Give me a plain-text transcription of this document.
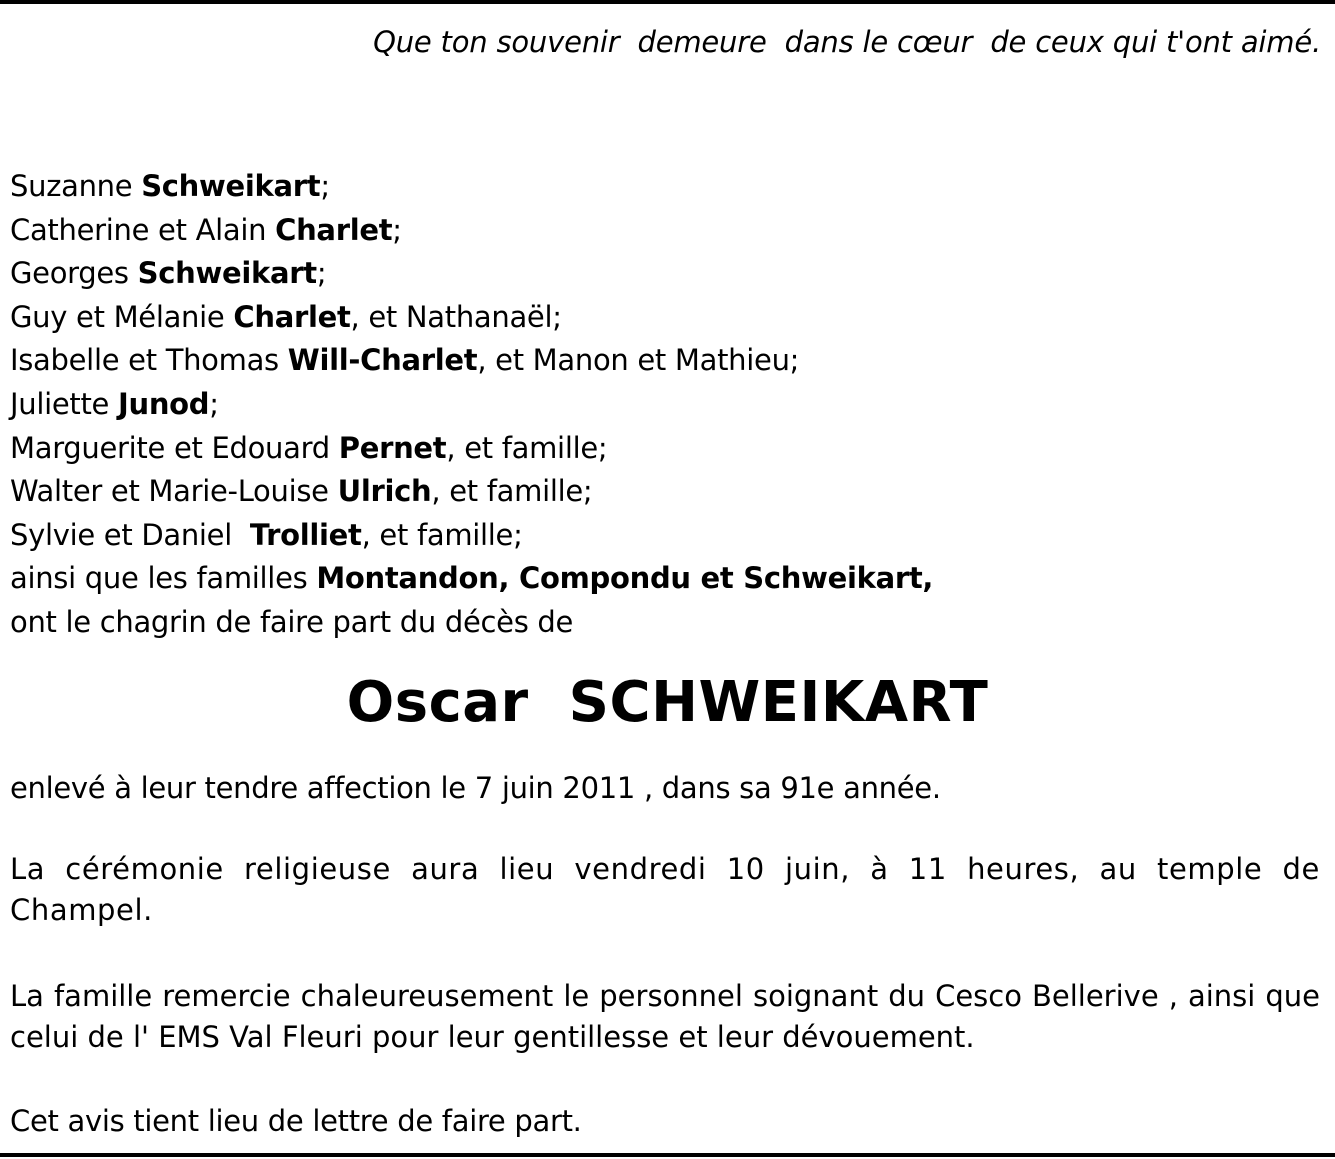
Que ton souvenir  demeure  dans le cœur  de ceux qui t'ont aimé.
Suzanne Schweikart;
Catherine et Alain Charlet;
Georges Schweikart;
Guy et Mélanie Charlet, et Nathanaël;
Isabelle et Thomas Will-Charlet, et Manon et Mathieu;
Juliette Junod;
Marguerite et Edouard Pernet, et famille;
Walter et Marie-Louise Ulrich, et famille;
Sylvie et Daniel  Trolliet, et famille;
ainsi que les familles Montandon, Compondu et Schweikart,
ont le chagrin de faire part du décès de
Oscar  SCHWEIKART
enlevé à leur tendre affection le 7 juin 2011 , dans sa 91e année.
La cérémonie religieuse aura lieu vendredi 10 juin, à 11 heures, au temple de Champel.
La famille remercie chaleureusement le personnel soignant du Cesco Bellerive , ainsi que celui de l' EMS Val Fleuri pour leur gentillesse et leur dévouement.
Cet avis tient lieu de lettre de faire part.
